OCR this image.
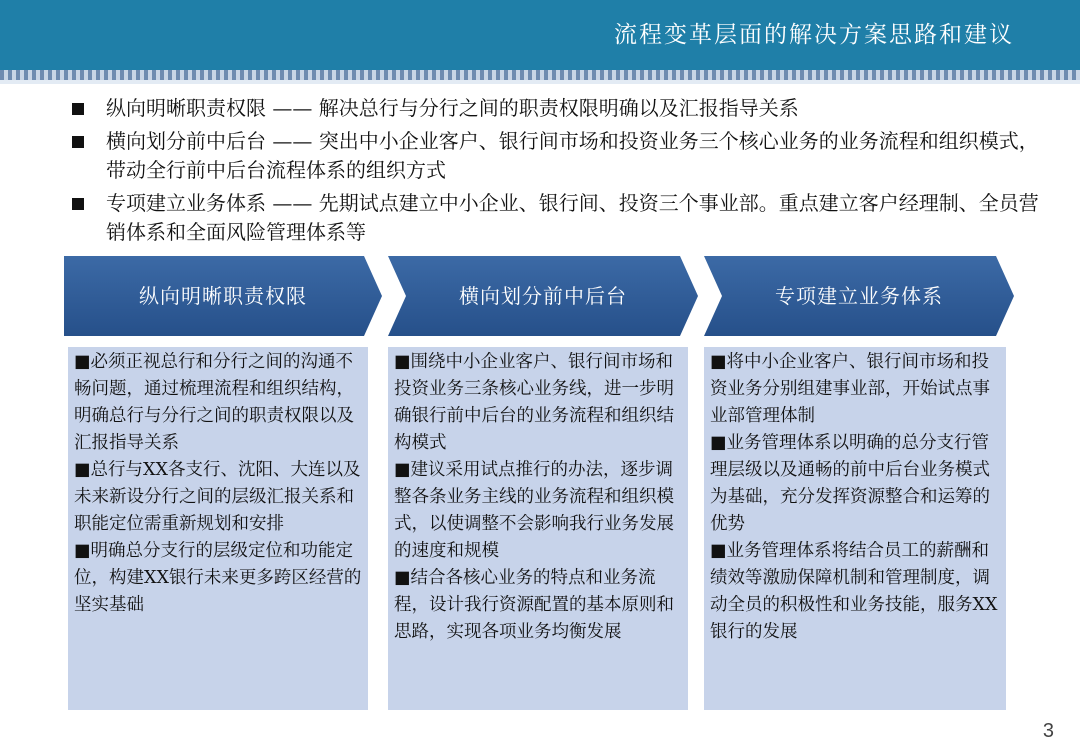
流程变革层面的解决方案思路和建议
纵向明晰职责权限 —— 解决总行与分行之间的职责权限明确以及汇报指导关系
横向划分前中后台 —— 突出中小企业客户、银行间市场和投资业务三个核心业务的业务流程和组织模式，带动全行前中后台流程体系的组织方式
专项建立业务体系 —— 先期试点建立中小企业、银行间、投资三个事业部。重点建立客户经理制、全员营销体系和全面风险管理体系等
纵向明晰职责权限	横向划分前中后台	专项建立业务体系

■必须正视总行和分行之间的沟通不畅问题，通过梳理流程和组织结构，明确总行与分行之间的职责权限以及汇报指导关系

■总行与XX各支行、沈阳、大连以及未来新设分行之间的层级汇报关系和职能定位需重新规划和安排

■明确总分支行的层级定位和功能定位，构建XX银行未来更多跨区经营的坚实基础

■围绕中小企业客户、银行间市场和投资业务三条核心业务线，进一步明确银行前中后台的业务流程和组织结构模式

■建议采用试点推行的办法，逐步调整各条业务主线的业务流程和组织模式，以使调整不会影响我行业务发展的速度和规模

■结合各核心业务的特点和业务流程，设计我行资源配置的基本原则和思路，实现各项业务均衡发展

■将中小企业客户、银行间市场和投资业务分别组建事业部，开始试点事业部管理体制

■业务管理体系以明确的总分支行管理层级以及通畅的前中后台业务模式为基础，充分发挥资源整合和运筹的优势

■业务管理体系将结合员工的薪酬和绩效等激励保障机制和管理制度，调动全员的积极性和业务技能，服务XX银行的发展

3
